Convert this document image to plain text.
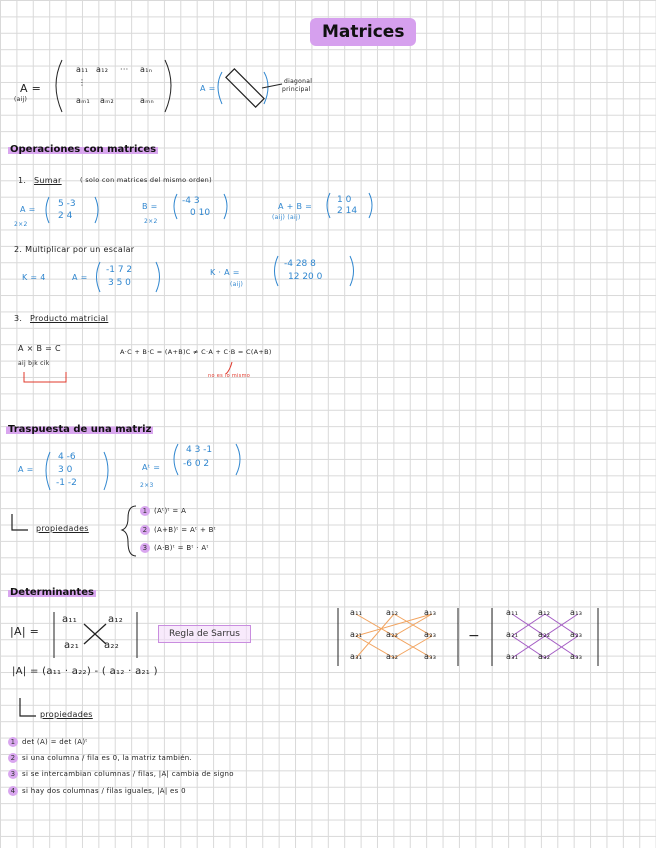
Matrices
A =
(aij)
a₁₁ a₁₂ ··· a₁ₙ
⋮
aₘ₁ aₘ₂	aₘₙ
A =
diagonal
principal
Operaciones con matrices
1. Sumar	( solo con matrices del mismo orden)
A =
2×2
5 -3
2 4
B =
2×2
-4 3
0 10
A + B =
(aij) (aij)
1 0
2 14
2. Multiplicar por un escalar
K = 4	A =
-1 7 2
3 5 0
K · A =
(aij)
-4 28 8
12 20 0
3. Producto matricial
A × B = C
aij bjk cik
A·C + B·C = (A+B)C ≠ C·A + C·B = C(A+B)
no es lo mismo
Traspuesta de una matriz
A =
4 -6
3 0
-1 -2
Aᵗ =
2×3
4 3 -1
-6 0 2
propiedades
1 (Aᵗ)ᵗ = A
2 (A+B)ᵗ = Aᵗ + Bᵗ
3 (A·B)ᵗ = Bᵗ · Aᵗ
Determinantes
|A| =
a₁₁	a₁₂
a₂₁ a₂₂
Regla de Sarrus
|A| = (a₁₁ · a₂₂) - ( a₁₂ · a₂₁ )
a₁₁	a₁₂	a₁₃
a₂₁	a₂₂	a₂₃
a₃₁	a₃₂	a₃₃
−
a₁₁ a₁₂ a₁₃
a₂₁ a₂₂ a₂₃
a₃₁ a₃₂ a₃₃
propiedades
1 det (A) = det (A)ᵗ
2 si una columna / fila es 0, la matriz también.
3 si se intercambian columnas / filas, |A| cambia de signo
4 si hay dos columnas / filas iguales, |A| es 0
